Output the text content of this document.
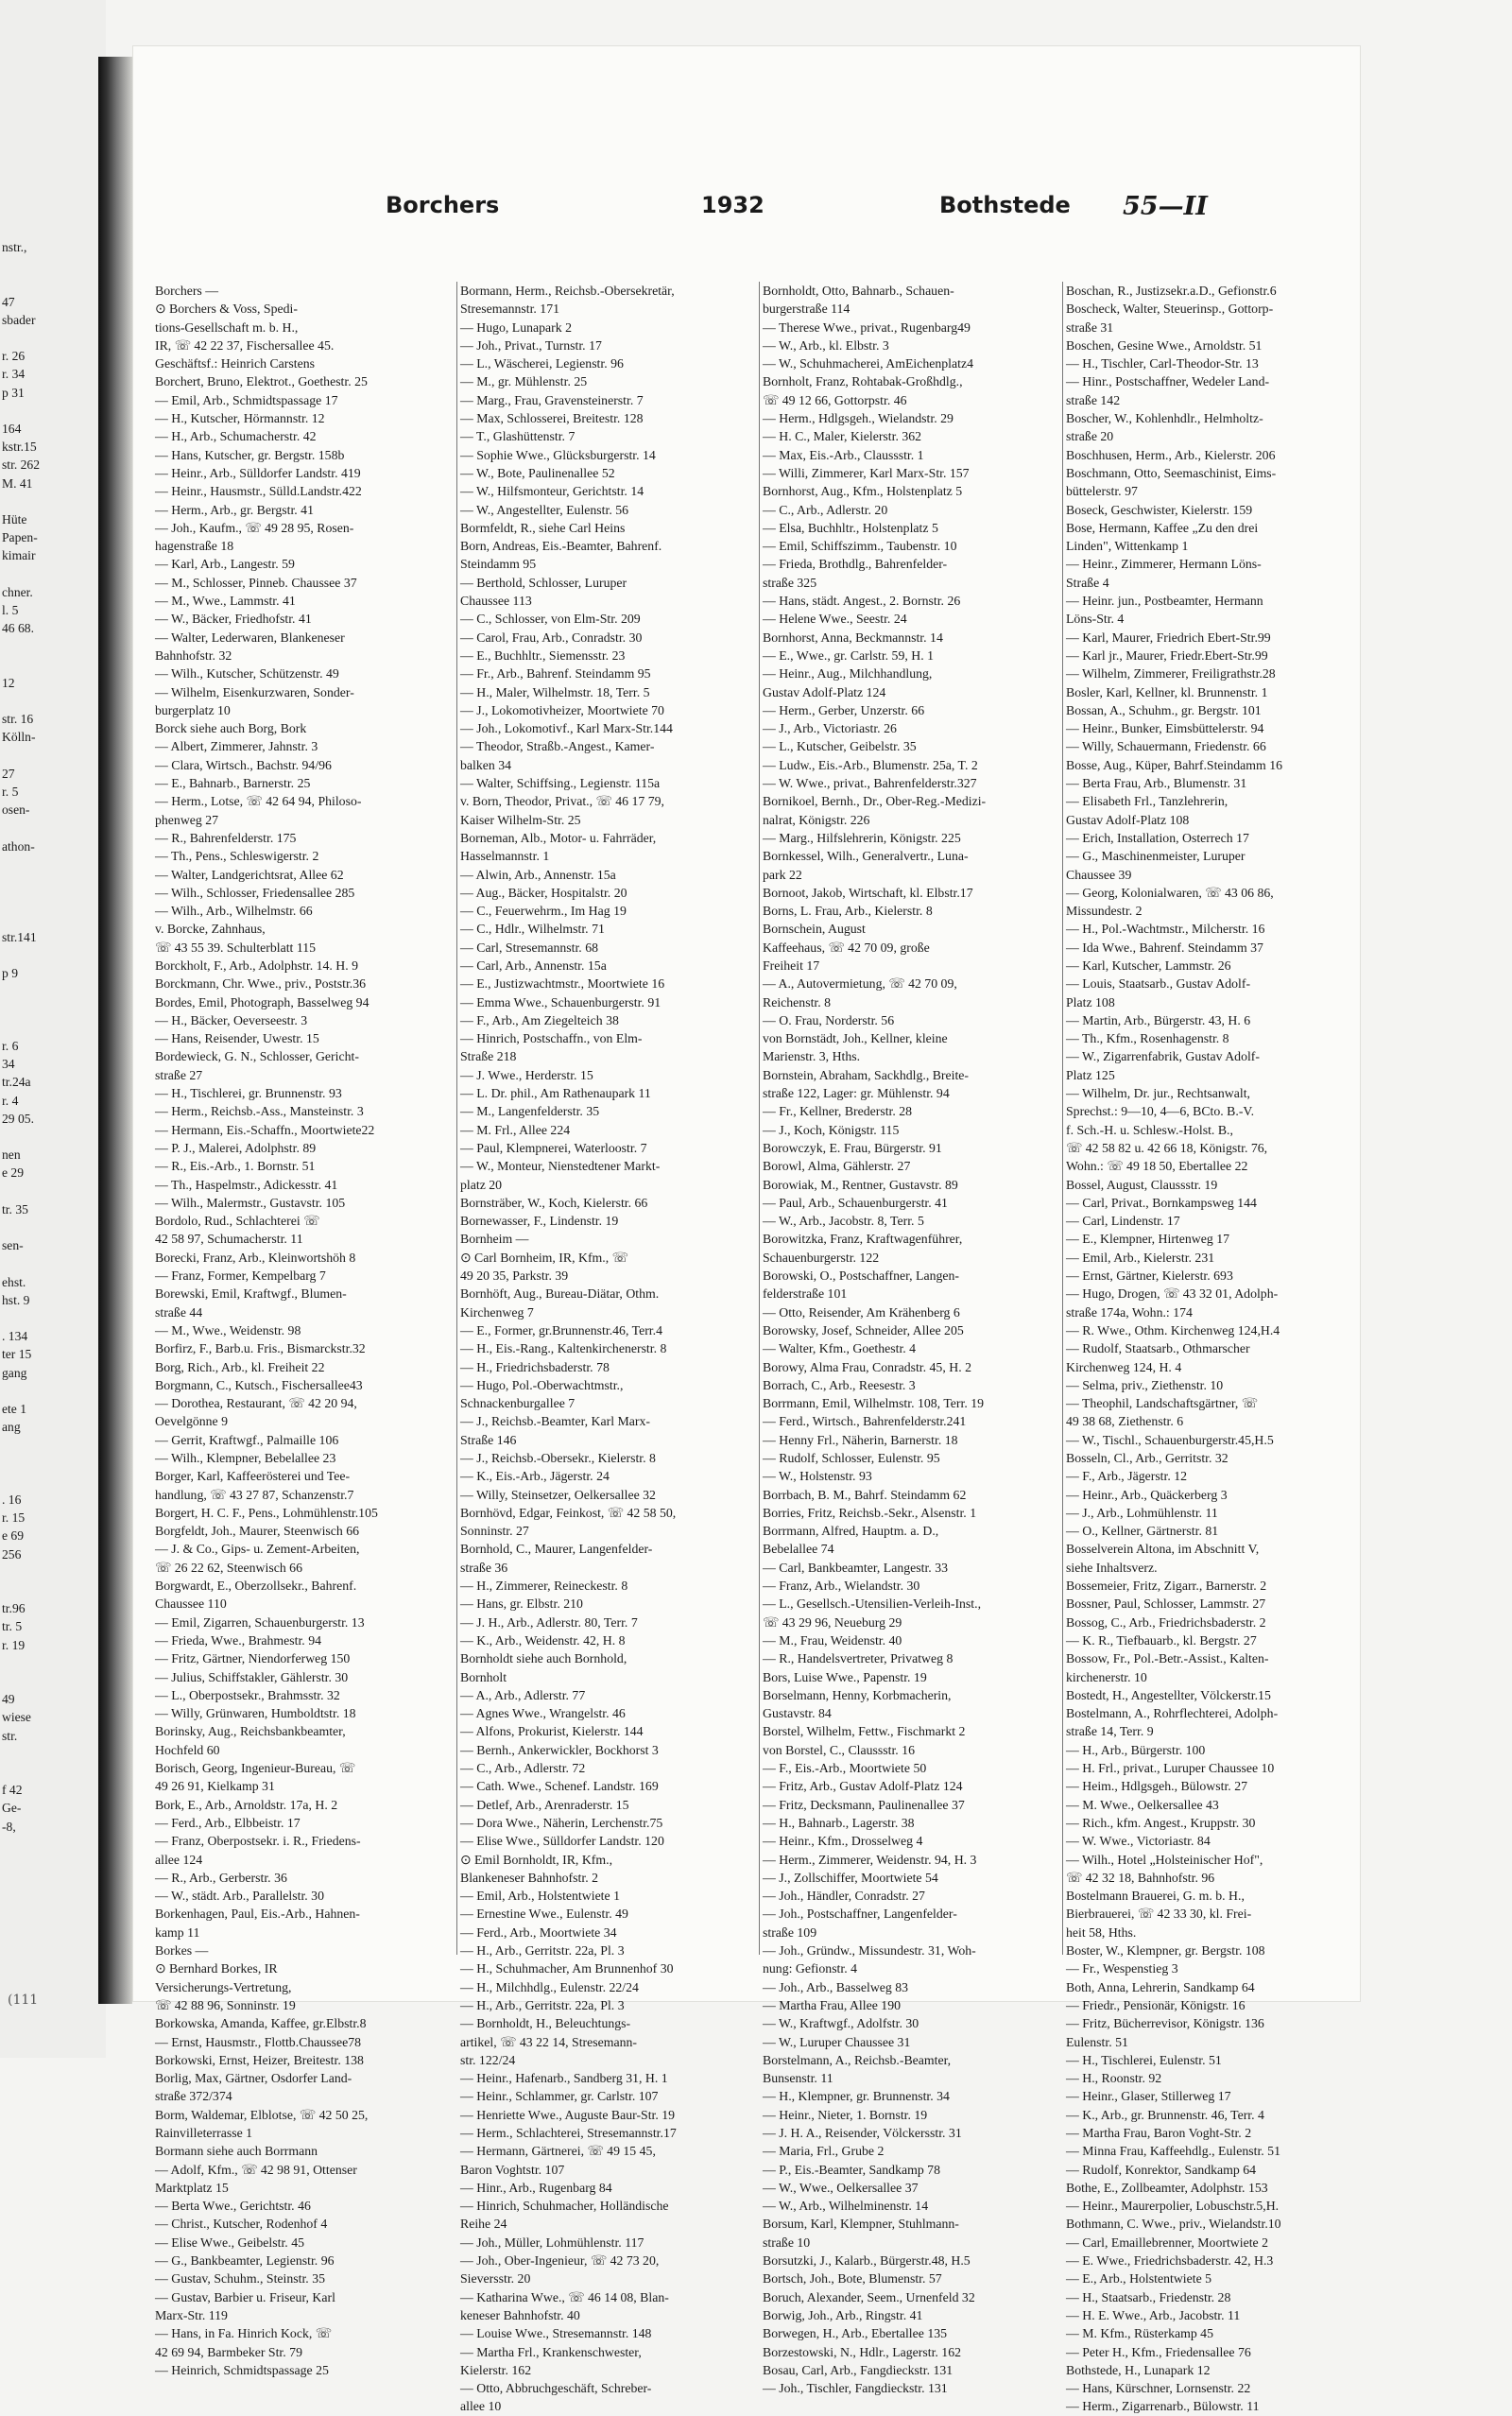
nstr.,

47
sbader

r. 26
r. 34
p 31

164
kstr.15
str. 262
M. 41

Hüte
Papen-
kimair

chner.
l. 5
46 68.

12

str. 16
Kölln-

27
r. 5
osen-

athon-

str.141

p 9

r. 6
34
tr.24a
r. 4
29 05.

nen
e 29

tr. 35

sen-

ehst.
hst. 9

. 134
ter 15
gang

ete 1
ang

. 16
r. 15
e 69
256

tr.96
tr. 5
r. 19

49
wiese
str.

f 42
Ge-
-8,
(111
Borchers	1932	Bothstede 55—II
Borchers —
⊙ Borchers & Voss, Spedi-
tions-Gesellschaft m. b. H.,
IR, ☏ 42 22 37, Fischersallee 45.
Geschäftsf.: Heinrich Carstens
Borchert, Bruno, Elektrot., Goethestr. 25
— Emil, Arb., Schmidtspassage 17
— H., Kutscher, Hörmannstr. 12
— H., Arb., Schumacherstr. 42
— Hans, Kutscher, gr. Bergstr. 158b
— Heinr., Arb., Sülldorfer Landstr. 419
— Heinr., Hausmstr., Sülld.Landstr.422
— Herm., Arb., gr. Bergstr. 41
— Joh., Kaufm., ☏ 49 28 95, Rosen-
hagenstraße 18
— Karl, Arb., Langestr. 59
— M., Schlosser, Pinneb. Chaussee 37
— M., Wwe., Lammstr. 41
— W., Bäcker, Friedhofstr. 41
— Walter, Lederwaren, Blankeneser
Bahnhofstr. 32
— Wilh., Kutscher, Schützenstr. 49
— Wilhelm, Eisenkurzwaren, Sonder-
burgerplatz 10
Borck siehe auch Borg, Bork
— Albert, Zimmerer, Jahnstr. 3
— Clara, Wirtsch., Bachstr. 94/96
— E., Bahnarb., Barnerstr. 25
— Herm., Lotse, ☏ 42 64 94, Philoso-
phenweg 27
— R., Bahrenfelderstr. 175
— Th., Pens., Schleswigerstr. 2
— Walter, Landgerichtsrat, Allee 62
— Wilh., Schlosser, Friedensallee 285
— Wilh., Arb., Wilhelmstr. 66
v. Borcke, Zahnhaus,
☏ 43 55 39. Schulterblatt 115
Borckholt, F., Arb., Adolphstr. 14. H. 9
Borckmann, Chr. Wwe., priv., Poststr.36
Bordes, Emil, Photograph, Basselweg 94
— H., Bäcker, Oeverseestr. 3
— Hans, Reisender, Uwestr. 15
Bordewieck, G. N., Schlosser, Gericht-
straße 27
— H., Tischlerei, gr. Brunnenstr. 93
— Herm., Reichsb.-Ass., Mansteinstr. 3
— Hermann, Eis.-Schaffn., Moortwiete22
— P. J., Malerei, Adolphstr. 89
— R., Eis.-Arb., 1. Bornstr. 51
— Th., Haspelmstr., Adickesstr. 41
— Wilh., Malermstr., Gustavstr. 105
Bordolo, Rud., Schlachterei ☏
42 58 97, Schumacherstr. 11
Borecki, Franz, Arb., Kleinwortshöh 8
— Franz, Former, Kempelbarg 7
Borewski, Emil, Kraftwgf., Blumen-
straße 44
— M., Wwe., Weidenstr. 98
Borfirz, F., Barb.u. Fris., Bismarckstr.32
Borg, Rich., Arb., kl. Freiheit 22
Borgmann, C., Kutsch., Fischersallee43
— Dorothea, Restaurant, ☏ 42 20 94,
Oevelgönne 9
— Gerrit, Kraftwgf., Palmaille 106
— Wilh., Klempner, Bebelallee 23
Borger, Karl, Kaffeerösterei und Tee-
handlung, ☏ 43 27 87, Schanzenstr.7
Borgert, H. C. F., Pens., Lohmühlenstr.105
Borgfeldt, Joh., Maurer, Steenwisch 66
— J. & Co., Gips- u. Zement-Arbeiten,
☏ 26 22 62, Steenwisch 66
Borgwardt, E., Oberzollsekr., Bahrenf.
Chaussee 110
— Emil, Zigarren, Schauenburgerstr. 13
— Frieda, Wwe., Brahmestr. 94
— Fritz, Gärtner, Niendorferweg 150
— Julius, Schiffstakler, Gählerstr. 30
— L., Oberpostsekr., Brahmsstr. 32
— Willy, Grünwaren, Humboldtstr. 18
Borinsky, Aug., Reichsbankbeamter,
Hochfeld 60
Borisch, Georg, Ingenieur-Bureau, ☏
49 26 91, Kielkamp 31
Bork, E., Arb., Arnoldstr. 17a, H. 2
— Ferd., Arb., Elbbeistr. 17
— Franz, Oberpostsekr. i. R., Friedens-
allee 124
— R., Arb., Gerberstr. 36
— W., städt. Arb., Parallelstr. 30
Borkenhagen, Paul, Eis.-Arb., Hahnen-
kamp 11
Borkes —
⊙ Bernhard Borkes, IR
Versicherungs-Vertretung,
☏ 42 88 96, Sonninstr. 19
Borkowska, Amanda, Kaffee, gr.Elbstr.8
— Ernst, Hausmstr., Flottb.Chaussee78
Borkowski, Ernst, Heizer, Breitestr. 138
Borlig, Max, Gärtner, Osdorfer Land-
straße 372/374
Borm, Waldemar, Elblotse, ☏ 42 50 25,
Rainvilleterrasse 1
Bormann siehe auch Borrmann
— Adolf, Kfm., ☏ 42 98 91, Ottenser
Marktplatz 15
— Berta Wwe., Gerichtstr. 46
— Christ., Kutscher, Rodenhof 4
— Elise Wwe., Geibelstr. 45
— G., Bankbeamter, Legienstr. 96
— Gustav, Schuhm., Steinstr. 35
— Gustav, Barbier u. Friseur, Karl
Marx-Str. 119
— Hans, in Fa. Hinrich Kock, ☏
42 69 94, Barmbeker Str. 79
— Heinrich, Schmidtspassage 25
Bormann, Herm., Reichsb.-Obersekretär,
Stresemannstr. 171
— Hugo, Lunapark 2
— Joh., Privat., Turnstr. 17
— L., Wäscherei, Legienstr. 96
— M., gr. Mühlenstr. 25
— Marg., Frau, Gravensteinerstr. 7
— Max, Schlosserei, Breitestr. 128
— T., Glashüttenstr. 7
— Sophie Wwe., Glücksburgerstr. 14
— W., Bote, Paulinenallee 52
— W., Hilfsmonteur, Gerichtstr. 14
— W., Angestellter, Eulenstr. 56
Bormfeldt, R., siehe Carl Heins
Born, Andreas, Eis.-Beamter, Bahrenf.
Steindamm 95
— Berthold, Schlosser, Luruper
Chaussee 113
— C., Schlosser, von Elm-Str. 209
— Carol, Frau, Arb., Conradstr. 30
— E., Buchhltr., Siemensstr. 23
— Fr., Arb., Bahrenf. Steindamm 95
— H., Maler, Wilhelmstr. 18, Terr. 5
— J., Lokomotivheizer, Moortwiete 70
— Joh., Lokomotivf., Karl Marx-Str.144
— Theodor, Straßb.-Angest., Kamer-
balken 34
— Walter, Schiffsing., Legienstr. 115a
v. Born, Theodor, Privat., ☏ 46 17 79,
Kaiser Wilhelm-Str. 25
Borneman, Alb., Motor- u. Fahrräder,
Hasselmannstr. 1
— Alwin, Arb., Annenstr. 15a
— Aug., Bäcker, Hospitalstr. 20
— C., Feuerwehrm., Im Hag 19
— C., Hdlr., Wilhelmstr. 71
— Carl, Stresemannstr. 68
— Carl, Arb., Annenstr. 15a
— E., Justizwachtmstr., Moortwiete 16
— Emma Wwe., Schauenburgerstr. 91
— F., Arb., Am Ziegelteich 38
— Hinrich, Postschaffn., von Elm-
Straße 218
— J. Wwe., Herderstr. 15
— L. Dr. phil., Am Rathenaupark 11
— M., Langenfelderstr. 35
— M. Frl., Allee 224
— Paul, Klempnerei, Waterloostr. 7
— W., Monteur, Nienstedtener Markt-
platz 20
Bornsträber, W., Koch, Kielerstr. 66
Bornewasser, F., Lindenstr. 19
Bornheim —
⊙ Carl Bornheim, IR, Kfm., ☏
49 20 35, Parkstr. 39
Bornhöft, Aug., Bureau-Diätar, Othm.
Kirchenweg 7
— E., Former, gr.Brunnenstr.46, Terr.4
— H., Eis.-Rang., Kaltenkirchenerstr. 8
— H., Friedrichsbaderstr. 78
— Hugo, Pol.-Oberwachtmstr.,
Schnackenburgallee 7
— J., Reichsb.-Beamter, Karl Marx-
Straße 146
— J., Reichsb.-Obersekr., Kielerstr. 8
— K., Eis.-Arb., Jägerstr. 24
— Willy, Steinsetzer, Oelkersallee 32
Bornhövd, Edgar, Feinkost, ☏ 42 58 50,
Sonninstr. 27
Bornhold, C., Maurer, Langenfelder-
straße 36
— H., Zimmerer, Reineckestr. 8
— Hans, gr. Elbstr. 210
— J. H., Arb., Adlerstr. 80, Terr. 7
— K., Arb., Weidenstr. 42, H. 8
Bornholdt siehe auch Bornhold,
Bornholt
— A., Arb., Adlerstr. 77
— Agnes Wwe., Wrangelstr. 46
— Alfons, Prokurist, Kielerstr. 144
— Bernh., Ankerwickler, Bockhorst 3
— C., Arb., Adlerstr. 72
— Cath. Wwe., Schenef. Landstr. 169
— Detlef, Arb., Arenraderstr. 15
— Dora Wwe., Näherin, Lerchenstr.75
— Elise Wwe., Sülldorfer Landstr. 120
⊙ Emil Bornholdt, IR, Kfm.,
Blankeneser Bahnhofstr. 2
— Emil, Arb., Holstentwiete 1
— Ernestine Wwe., Eulenstr. 49
— Ferd., Arb., Moortwiete 34
— H., Arb., Gerritstr. 22a, Pl. 3
— H., Schuhmacher, Am Brunnenhof 30
— H., Milchhdlg., Eulenstr. 22/24
— H., Arb., Gerritstr. 22a, Pl. 3
— Bornholdt, H., Beleuchtungs-
artikel, ☏ 43 22 14, Stresemann-
str. 122/24
— Heinr., Hafenarb., Sandberg 31, H. 1
— Heinr., Schlammer, gr. Carlstr. 107
— Henriette Wwe., Auguste Baur-Str. 19
— Herm., Schlachterei, Stresemannstr.17
— Hermann, Gärtnerei, ☏ 49 15 45,
Baron Voghtstr. 107
— Hinr., Arb., Rugenbarg 84
— Hinrich, Schuhmacher, Holländische
Reihe 24
— Joh., Müller, Lohmühlenstr. 117
— Joh., Ober-Ingenieur, ☏ 42 73 20,
Sieversstr. 20
— Katharina Wwe., ☏ 46 14 08, Blan-
keneser Bahnhofstr. 40
— Louise Wwe., Stresemannstr. 148
— Martha Frl., Krankenschwester,
Kielerstr. 162
— Otto, Abbruchgeschäft, Schreber-
allee 10
Bornholdt, Otto, Bahnarb., Schauen-
burgerstraße 114
— Therese Wwe., privat., Rugenbarg49
— W., Arb., kl. Elbstr. 3
— W., Schuhmacherei, AmEichenplatz4
Bornholt, Franz, Rohtabak-Großhdlg.,
☏ 49 12 66, Gottorpstr. 46
— Herm., Hdlgsgeh., Wielandstr. 29
— H. C., Maler, Kielerstr. 362
— Max, Eis.-Arb., Claussstr. 1
— Willi, Zimmerer, Karl Marx-Str. 157
Bornhorst, Aug., Kfm., Holstenplatz 5
— C., Arb., Adlerstr. 20
— Elsa, Buchhltr., Holstenplatz 5
— Emil, Schiffszimm., Taubenstr. 10
— Frieda, Brothdlg., Bahrenfelder-
straße 325
— Hans, städt. Angest., 2. Bornstr. 26
— Helene Wwe., Seestr. 24
Bornhorst, Anna, Beckmannstr. 14
— E., Wwe., gr. Carlstr. 59, H. 1
— Heinr., Aug., Milchhandlung,
Gustav Adolf-Platz 124
— Herm., Gerber, Unzerstr. 66
— J., Arb., Victoriastr. 26
— L., Kutscher, Geibelstr. 35
— Ludw., Eis.-Arb., Blumenstr. 25a, T. 2
— W. Wwe., privat., Bahrenfelderstr.327
Bornikoel, Bernh., Dr., Ober-Reg.-Medizi-
nalrat, Königstr. 226
— Marg., Hilfslehrerin, Königstr. 225
Bornkessel, Wilh., Generalvertr., Luna-
park 22
Bornoot, Jakob, Wirtschaft, kl. Elbstr.17
Borns, L. Frau, Arb., Kielerstr. 8
Bornschein, August
Kaffeehaus, ☏ 42 70 09, große
Freiheit 17
— A., Autovermietung, ☏ 42 70 09,
Reichenstr. 8
— O. Frau, Norderstr. 56
von Bornstädt, Joh., Kellner, kleine
Marienstr. 3, Hths.
Bornstein, Abraham, Sackhdlg., Breite-
straße 122, Lager: gr. Mühlenstr. 94
— Fr., Kellner, Brederstr. 28
— J., Koch, Königstr. 115
Borowczyk, E. Frau, Bürgerstr. 91
Borowl, Alma, Gählerstr. 27
Borowiak, M., Rentner, Gustavstr. 89
— Paul, Arb., Schauenburgerstr. 41
— W., Arb., Jacobstr. 8, Terr. 5
Borowitzka, Franz, Kraftwagenführer,
Schauenburgerstr. 122
Borowski, O., Postschaffner, Langen-
felderstraße 101
— Otto, Reisender, Am Krähenberg 6
Borowsky, Josef, Schneider, Allee 205
— Walter, Kfm., Goethestr. 4
Borowy, Alma Frau, Conradstr. 45, H. 2
Borrach, C., Arb., Reesestr. 3
Borrmann, Emil, Wilhelmstr. 108, Terr. 19
— Ferd., Wirtsch., Bahrenfelderstr.241
— Henny Frl., Näherin, Barnerstr. 18
— Rudolf, Schlosser, Eulenstr. 95
— W., Holstenstr. 93
Borrbach, B. M., Bahrf. Steindamm 62
Borries, Fritz, Reichsb.-Sekr., Alsenstr. 1
Borrmann, Alfred, Hauptm. a. D.,
Bebelallee 74
— Carl, Bankbeamter, Langestr. 33
— Franz, Arb., Wielandstr. 30
— L., Gesellsch.-Utensilien-Verleih-Inst.,
☏ 43 29 96, Neueburg 29
— M., Frau, Weidenstr. 40
— R., Handelsvertreter, Privatweg 8
Bors, Luise Wwe., Papenstr. 19
Borselmann, Henny, Korbmacherin,
Gustavstr. 84
Borstel, Wilhelm, Fettw., Fischmarkt 2
von Borstel, C., Claussstr. 16
— F., Eis.-Arb., Moortwiete 50
— Fritz, Arb., Gustav Adolf-Platz 124
— Fritz, Decksmann, Paulinenallee 37
— H., Bahnarb., Lagerstr. 38
— Heinr., Kfm., Drosselweg 4
— Herm., Zimmerer, Weidenstr. 94, H. 3
— J., Zollschiffer, Moortwiete 54
— Joh., Händler, Conradstr. 27
— Joh., Postschaffner, Langenfelder-
straße 109
— Joh., Gründw., Missundestr. 31, Woh-
nung: Gefionstr. 4
— Joh., Arb., Basselweg 83
— Martha Frau, Allee 190
— W., Kraftwgf., Adolfstr. 30
— W., Luruper Chaussee 31
Borstelmann, A., Reichsb.-Beamter,
Bunsenstr. 11
— H., Klempner, gr. Brunnenstr. 34
— Heinr., Nieter, 1. Bornstr. 19
— J. H. A., Reisender, Völckersstr. 31
— Maria, Frl., Grube 2
— P., Eis.-Beamter, Sandkamp 78
— W., Wwe., Oelkersallee 37
— W., Arb., Wilhelminenstr. 14
Borsum, Karl, Klempner, Stuhlmann-
straße 10
Borsutzki, J., Kalarb., Bürgerstr.48, H.5
Bortsch, Joh., Bote, Blumenstr. 57
Boruch, Alexander, Seem., Urnenfeld 32
Borwig, Joh., Arb., Ringstr. 41
Borwegen, H., Arb., Ebertallee 135
Borzestowski, N., Hdlr., Lagerstr. 162
Bosau, Carl, Arb., Fangdieckstr. 131
— Joh., Tischler, Fangdieckstr. 131
Boschan, R., Justizsekr.a.D., Gefionstr.6
Boscheck, Walter, Steuerinsp., Gottorp-
straße 31
Boschen, Gesine Wwe., Arnoldstr. 51
— H., Tischler, Carl-Theodor-Str. 13
— Hinr., Postschaffner, Wedeler Land-
straße 142
Boscher, W., Kohlenhdlr., Helmholtz-
straße 20
Boschhusen, Herm., Arb., Kielerstr. 206
Boschmann, Otto, Seemaschinist, Eims-
büttelerstr. 97
Boseck, Geschwister, Kielerstr. 159
Bose, Hermann, Kaffee „Zu den drei
Linden", Wittenkamp 1
— Heinr., Zimmerer, Hermann Löns-
Straße 4
— Heinr. jun., Postbeamter, Hermann
Löns-Str. 4
— Karl, Maurer, Friedrich Ebert-Str.99
— Karl jr., Maurer, Friedr.Ebert-Str.99
— Wilhelm, Zimmerer, Freiligrathstr.28
Bosler, Karl, Kellner, kl. Brunnenstr. 1
Bossan, A., Schuhm., gr. Bergstr. 101
— Heinr., Bunker, Eimsbüttelerstr. 94
— Willy, Schauermann, Friedenstr. 66
Bosse, Aug., Küper, Bahrf.Steindamm 16
— Berta Frau, Arb., Blumenstr. 31
— Elisabeth Frl., Tanzlehrerin,
Gustav Adolf-Platz 108
— Erich, Installation, Osterrech 17
— G., Maschinenmeister, Luruper
Chaussee 39
— Georg, Kolonialwaren, ☏ 43 06 86,
Missundestr. 2
— H., Pol.-Wachtmstr., Milcherstr. 16
— Ida Wwe., Bahrenf. Steindamm 37
— Karl, Kutscher, Lammstr. 26
— Louis, Staatsarb., Gustav Adolf-
Platz 108
— Martin, Arb., Bürgerstr. 43, H. 6
— Th., Kfm., Rosenhagenstr. 8
— W., Zigarrenfabrik, Gustav Adolf-
Platz 125
— Wilhelm, Dr. jur., Rechtsanwalt,
Sprechst.: 9—10, 4—6, BCto. B.-V.
f. Sch.-H. u. Schlesw.-Holst. B.,
☏ 42 58 82 u. 42 66 18, Königstr. 76,
Wohn.: ☏ 49 18 50, Ebertallee 22
Bossel, August, Claussstr. 19
— Carl, Privat., Bornkampsweg 144
— Carl, Lindenstr. 17
— E., Klempner, Hirtenweg 17
— Emil, Arb., Kielerstr. 231
— Ernst, Gärtner, Kielerstr. 693
— Hugo, Drogen, ☏ 43 32 01, Adolph-
straße 174a, Wohn.: 174
— R. Wwe., Othm. Kirchenweg 124,H.4
— Rudolf, Staatsarb., Othmarscher
Kirchenweg 124, H. 4
— Selma, priv., Ziethenstr. 10
— Theophil, Landschaftsgärtner, ☏
49 38 68, Ziethenstr. 6
— W., Tischl., Schauenburgerstr.45,H.5
Bosseln, Cl., Arb., Gerritstr. 32
— F., Arb., Jägerstr. 12
— Heinr., Arb., Quäckerberg 3
— J., Arb., Lohmühlenstr. 11
— O., Kellner, Gärtnerstr. 81
Bosselverein Altona, im Abschnitt V,
siehe Inhaltsverz.
Bossemeier, Fritz, Zigarr., Barnerstr. 2
Bossner, Paul, Schlosser, Lammstr. 27
Bossog, C., Arb., Friedrichsbaderstr. 2
— K. R., Tiefbauarb., kl. Bergstr. 27
Bossow, Fr., Pol.-Betr.-Assist., Kalten-
kirchenerstr. 10
Bostedt, H., Angestellter, Völckerstr.15
Bostelmann, A., Rohrflechterei, Adolph-
straße 14, Terr. 9
— H., Arb., Bürgerstr. 100
— H. Frl., privat., Luruper Chaussee 10
— Heim., Hdlgsgeh., Bülowstr. 27
— M. Wwe., Oelkersallee 43
— Rich., kfm. Angest., Kruppstr. 30
— W. Wwe., Victoriastr. 84
— Wilh., Hotel „Holsteinischer Hof",
☏ 42 32 18, Bahnhofstr. 96
Bostelmann Brauerei, G. m. b. H.,
Bierbrauerei, ☏ 42 33 30, kl. Frei-
heit 58, Hths.
Boster, W., Klempner, gr. Bergstr. 108
— Fr., Wespenstieg 3
Both, Anna, Lehrerin, Sandkamp 64
— Friedr., Pensionär, Königstr. 16
— Fritz, Bücherrevisor, Königstr. 136
Eulenstr. 51
— H., Tischlerei, Eulenstr. 51
— H., Roonstr. 92
— Heinr., Glaser, Stillerweg 17
— K., Arb., gr. Brunnenstr. 46, Terr. 4
— Martha Frau, Baron Voght-Str. 2
— Minna Frau, Kaffeehdlg., Eulenstr. 51
— Rudolf, Konrektor, Sandkamp 64
Bothe, E., Zollbeamter, Adolphstr. 153
— Heinr., Maurerpolier, Lobuschstr.5,H.
Bothmann, C. Wwe., priv., Wielandstr.10
— Carl, Emaillebrenner, Moortwiete 2
— E. Wwe., Friedrichsbaderstr. 42, H.3
— E., Arb., Holstentwiete 5
— H., Staatsarb., Friedenstr. 28
— H. E. Wwe., Arb., Jacobstr. 11
— M. Kfm., Rüsterkamp 45
— Peter H., Kfm., Friedensallee 76
Bothstede, H., Lunapark 12
— Hans, Kürschner, Lornsenstr. 22
— Herm., Zigarrenarb., Bülowstr. 11
